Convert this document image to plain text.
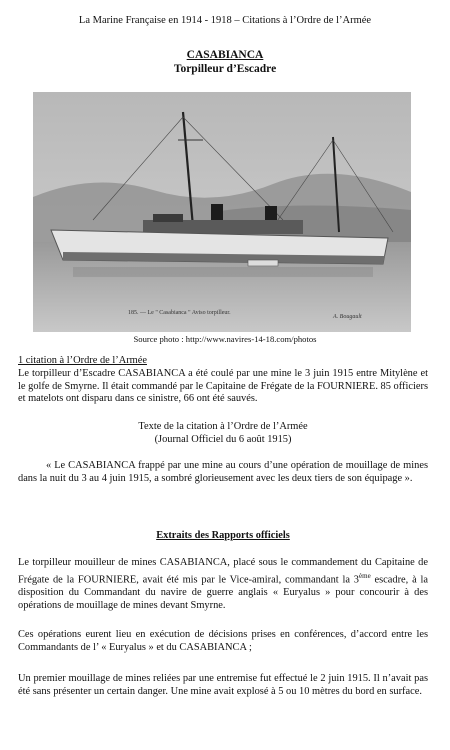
La Marine Française en 1914 - 1918 – Citations à l’Ordre de l’Armée
CASABIANCA
Torpilleur d’Escadre
185. — Le " Casabianca " Aviso torpilleur.
A. Bougault
Source photo : http://www.navires-14-18.com/photos

1 citation à l’Ordre de l’Armée

Le torpilleur d’Escadre CASABIANCA a été coulé par une mine le 3 juin 1915 entre Mitylène et le golfe de Smyrne. Il était commandé par le Capitaine de Frégate de la FOURNIERE. 85 officiers et matelots ont disparu dans ce sinistre, 66 ont été sauvés.

Texte de la citation à l’Ordre de l’Armée

(Journal Officiel du 6 août 1915)

« Le CASABIANCA frappé par une mine au cours d’une opération de mouillage de mines dans la nuit du 3 au 4 juin 1915, a sombré glorieusement avec les deux tiers de son équipage ».

Extraits des Rapports officiels

Le torpilleur mouilleur de mines CASABIANCA, placé sous le commandement du Capitaine de Frégate de la FOURNIERE, avait été mis par le Vice-amiral, commandant la 3ème escadre, à la disposition du Commandant du navire de guerre anglais « Euryalus » pour concourir à des opérations de mouillage de mines devant Smyrne.
Ces opérations eurent lieu en exécution de décisions prises en conférences, d’accord entre les Commandants de l’ « Euryalus » et du CASABIANCA ;
Un premier mouillage de mines reliées par une entremise fut effectué le 2 juin 1915. Il n’avait pas été sans présenter un certain danger. Une mine avait explosé à 5 ou 10 mètres du bord en surface.
